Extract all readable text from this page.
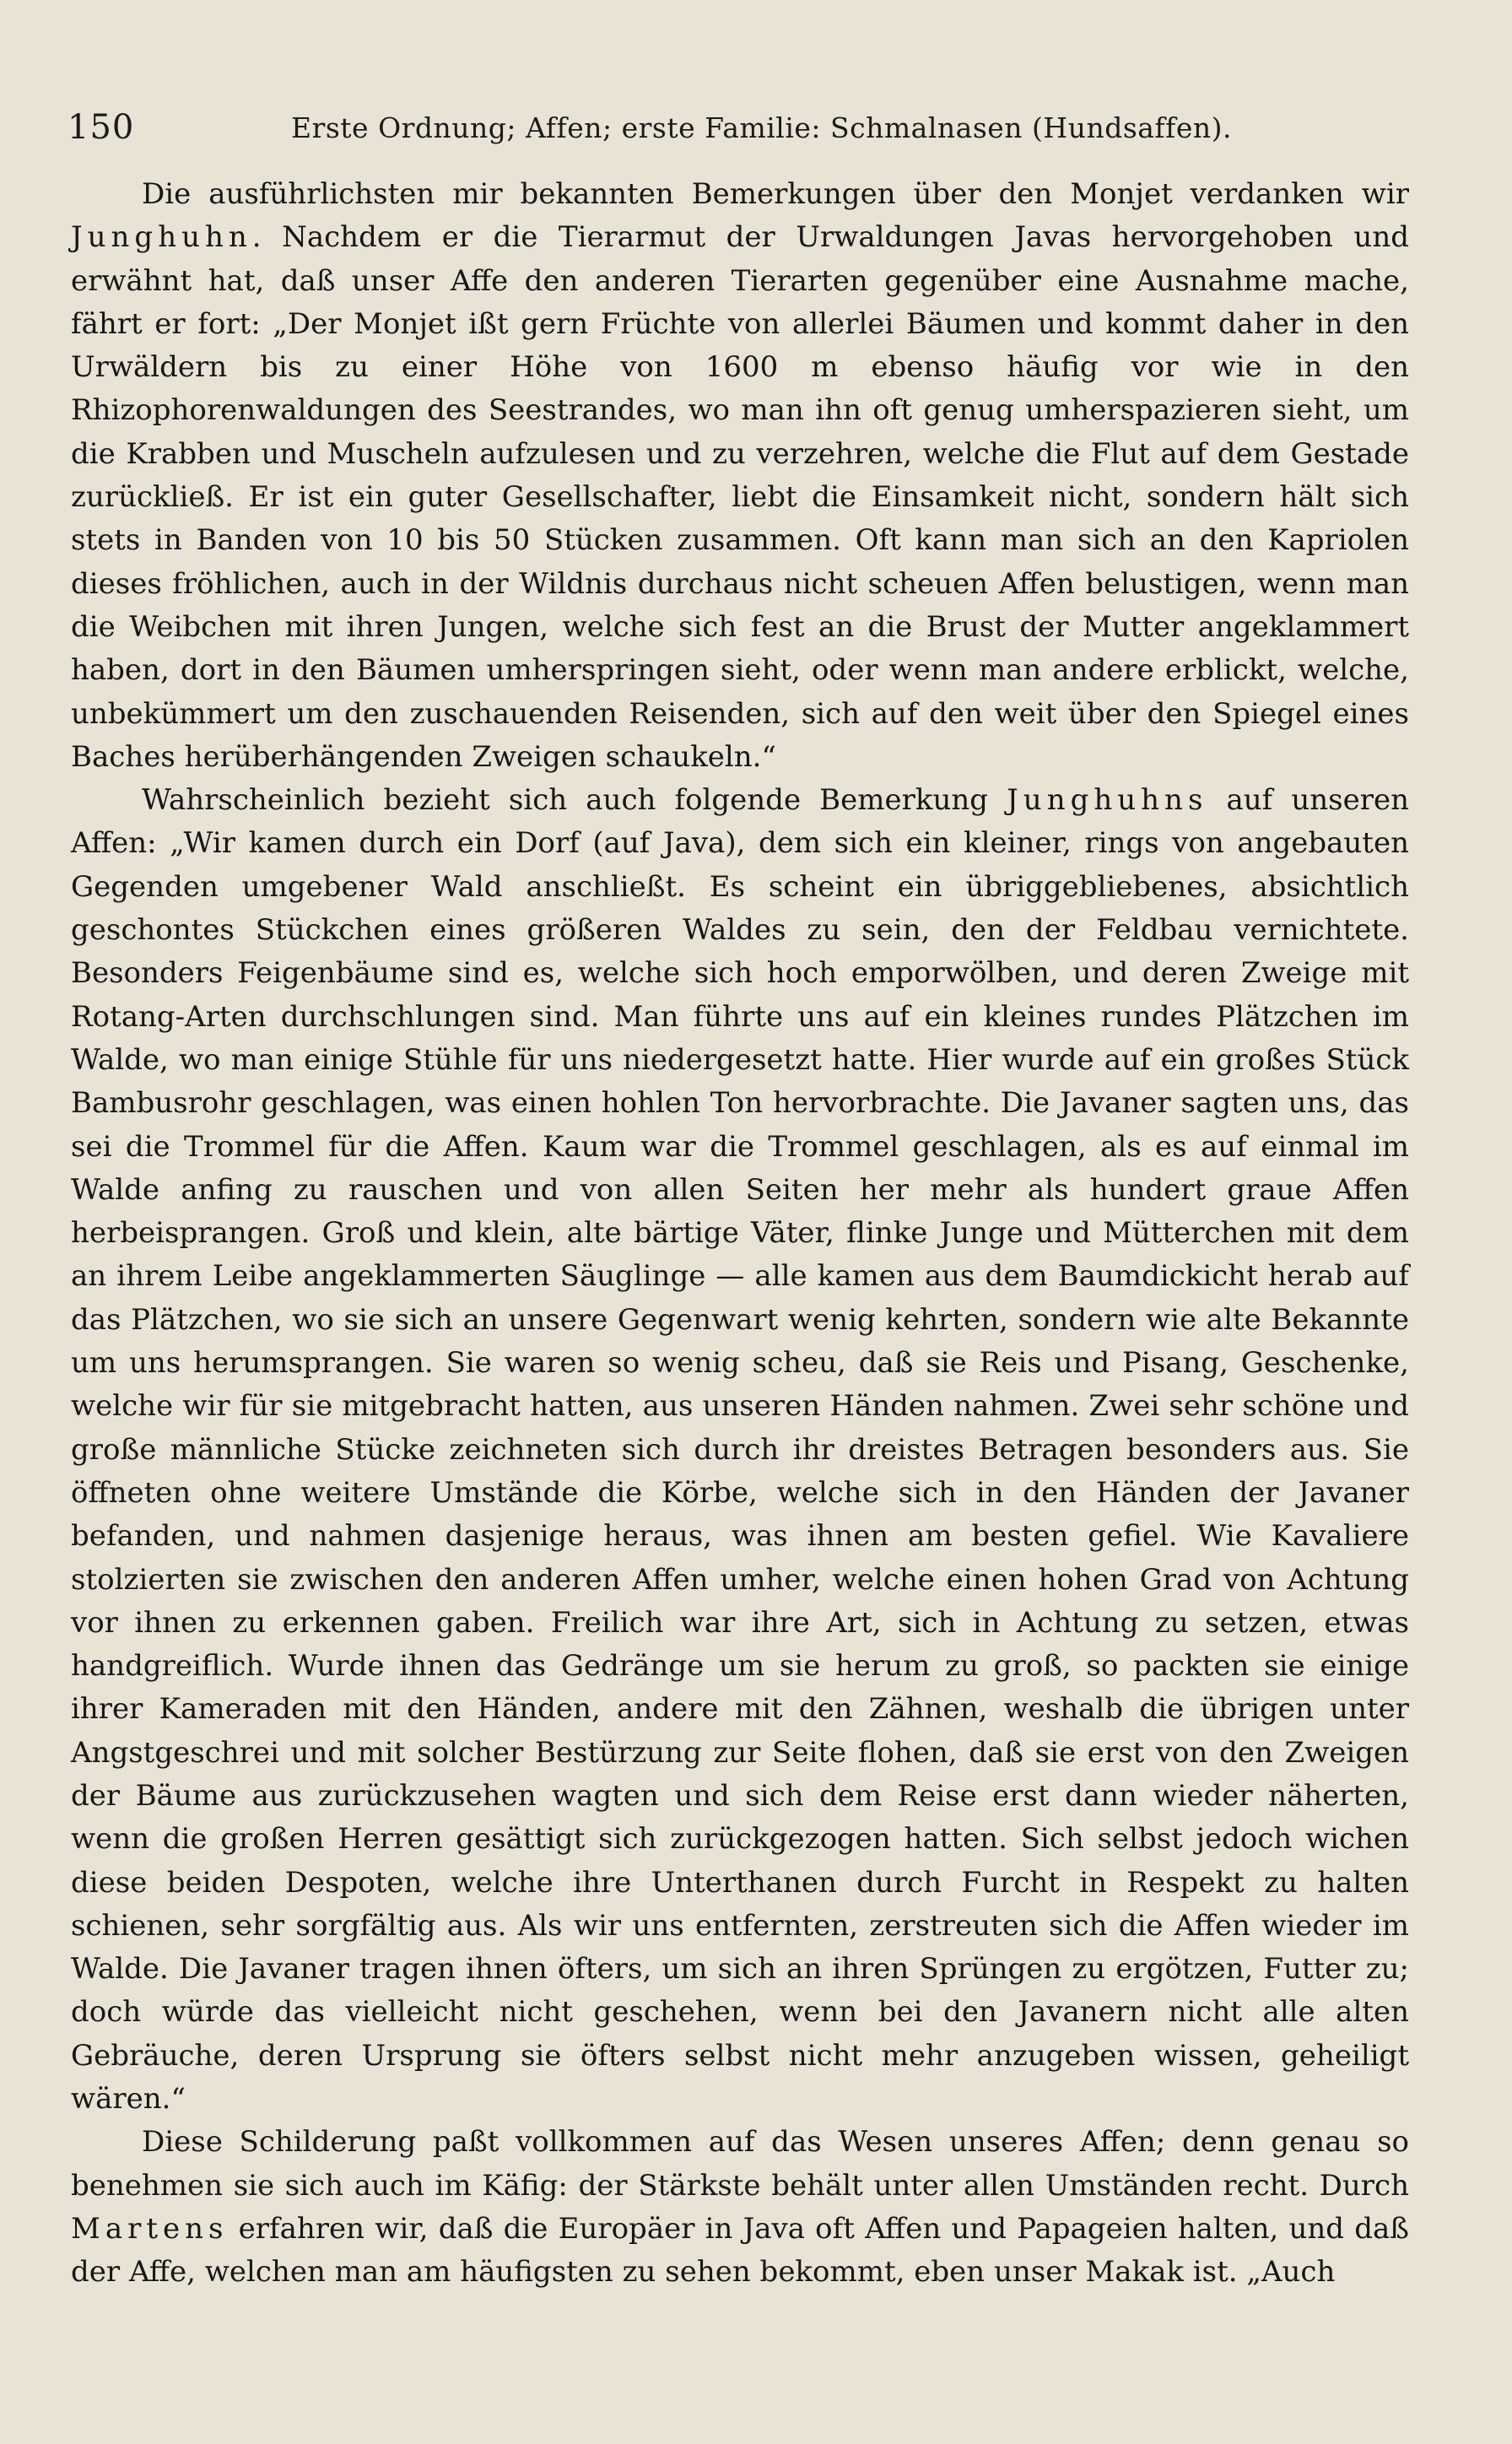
150	Erste Ordnung; Affen; erste Familie: Schmalnasen (Hundsaffen).

Die ausführlichsten mir bekannten Bemerkungen über den Monjet verdanken wir Junghuhn. Nachdem er die Tierarmut der Urwaldungen Javas hervorgehoben und erwähnt hat, daß unser Affe den anderen Tierarten gegenüber eine Ausnahme mache, fährt er fort: „Der Monjet ißt gern Früchte von allerlei Bäumen und kommt daher in den Urwäldern bis zu einer Höhe von 1600 m ebenso häufig vor wie in den Rhizophorenwaldungen des Seestrandes, wo man ihn oft genug umherspazieren sieht, um die Krabben und Muscheln aufzulesen und zu verzehren, welche die Flut auf dem Gestade zurückließ. Er ist ein guter Gesellschafter, liebt die Einsamkeit nicht, sondern hält sich stets in Banden von 10 bis 50 Stücken zusammen. Oft kann man sich an den Kapriolen dieses fröhlichen, auch in der Wildnis durchaus nicht scheuen Affen belustigen, wenn man die Weibchen mit ihren Jungen, welche sich fest an die Brust der Mutter angeklammert haben, dort in den Bäumen umherspringen sieht, oder wenn man andere erblickt, welche, unbekümmert um den zuschauenden Reisenden, sich auf den weit über den Spiegel eines Baches herüberhängenden Zweigen schaukeln.“

Wahrscheinlich bezieht sich auch folgende Bemerkung Junghuhns auf unseren Affen: „Wir kamen durch ein Dorf (auf Java), dem sich ein kleiner, rings von angebauten Gegenden umgebener Wald anschließt. Es scheint ein übriggebliebenes, absichtlich geschontes Stückchen eines größeren Waldes zu sein, den der Feldbau vernichtete. Besonders Feigenbäume sind es, welche sich hoch emporwölben, und deren Zweige mit Rotang-Arten durchschlungen sind. Man führte uns auf ein kleines rundes Plätzchen im Walde, wo man einige Stühle für uns niedergesetzt hatte. Hier wurde auf ein großes Stück Bambusrohr geschlagen, was einen hohlen Ton hervorbrachte. Die Javaner sagten uns, das sei die Trommel für die Affen. Kaum war die Trommel geschlagen, als es auf einmal im Walde anfing zu rauschen und von allen Seiten her mehr als hundert graue Affen herbeisprangen. Groß und klein, alte bärtige Väter, flinke Junge und Mütterchen mit dem an ihrem Leibe angeklammerten Säuglinge — alle kamen aus dem Baumdickicht herab auf das Plätzchen, wo sie sich an unsere Gegenwart wenig kehrten, sondern wie alte Bekannte um uns herumsprangen. Sie waren so wenig scheu, daß sie Reis und Pisang, Geschenke, welche wir für sie mitgebracht hatten, aus unseren Händen nahmen. Zwei sehr schöne und große männliche Stücke zeichneten sich durch ihr dreistes Betragen besonders aus. Sie öffneten ohne weitere Umstände die Körbe, welche sich in den Händen der Javaner befanden, und nahmen dasjenige heraus, was ihnen am besten gefiel. Wie Kavaliere stolzierten sie zwischen den anderen Affen umher, welche einen hohen Grad von Achtung vor ihnen zu erkennen gaben. Freilich war ihre Art, sich in Achtung zu setzen, etwas handgreiflich. Wurde ihnen das Gedränge um sie herum zu groß, so packten sie einige ihrer Kameraden mit den Händen, andere mit den Zähnen, weshalb die übrigen unter Angstgeschrei und mit solcher Bestürzung zur Seite flohen, daß sie erst von den Zweigen der Bäume aus zurückzusehen wagten und sich dem Reise erst dann wieder näherten, wenn die großen Herren gesättigt sich zurückgezogen hatten. Sich selbst jedoch wichen diese beiden Despoten, welche ihre Unterthanen durch Furcht in Respekt zu halten schienen, sehr sorgfältig aus. Als wir uns entfernten, zerstreuten sich die Affen wieder im Walde. Die Javaner tragen ihnen öfters, um sich an ihren Sprüngen zu ergötzen, Futter zu; doch würde das vielleicht nicht geschehen, wenn bei den Javanern nicht alle alten Gebräuche, deren Ursprung sie öfters selbst nicht mehr anzugeben wissen, geheiligt wären.“

Diese Schilderung paßt vollkommen auf das Wesen unseres Affen; denn genau so benehmen sie sich auch im Käfig: der Stärkste behält unter allen Umständen recht. Durch Martens erfahren wir, daß die Europäer in Java oft Affen und Papageien halten, und daß der Affe, welchen man am häufigsten zu sehen bekommt, eben unser Makak ist. „Auch
